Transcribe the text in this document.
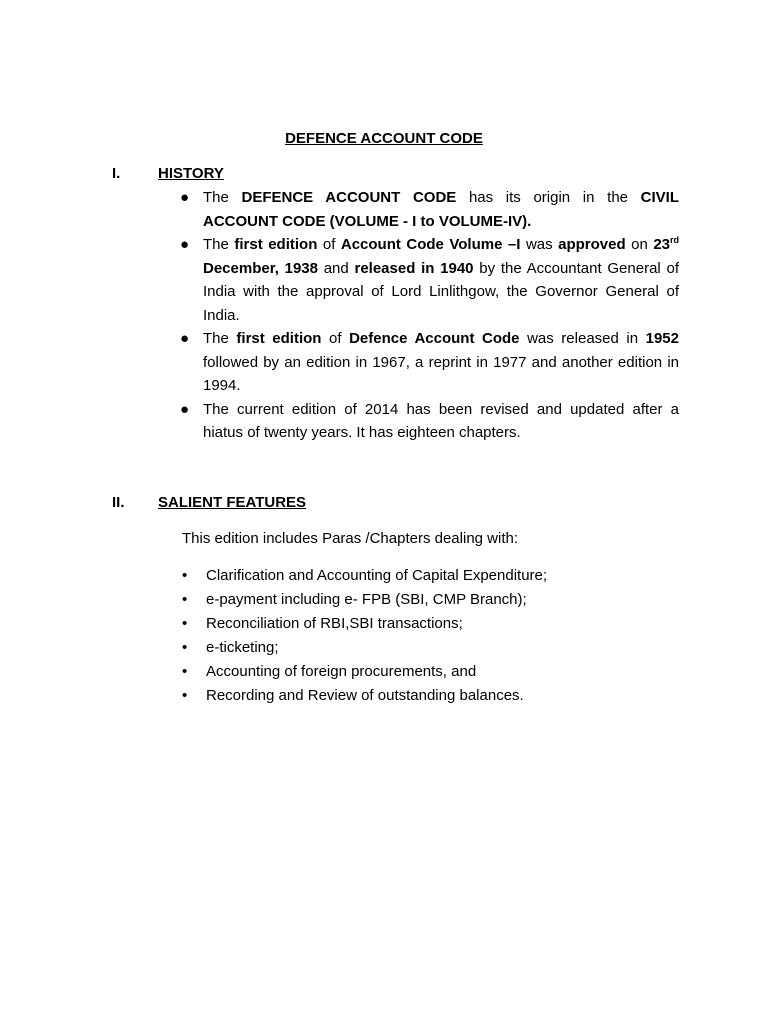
DEFENCE ACCOUNT CODE
I.	HISTORY
● The DEFENCE ACCOUNT CODE has its origin in the CIVIL ACCOUNT CODE (VOLUME - I to VOLUME-IV).
● The first edition of Account Code Volume –I was approved on 23rd December, 1938 and released in 1940 by the Accountant General of India with the approval of Lord Linlithgow, the Governor General of India.
● The first edition of Defence Account Code was released in 1952 followed by an edition in 1967, a reprint in 1977 and another edition in 1994.
● The current edition of 2014 has been revised and updated after a hiatus of twenty years. It has eighteen chapters.
II. SALIENT FEATURES
This edition includes Paras /Chapters dealing with:
• Clarification and Accounting of Capital Expenditure;
• e-payment including e- FPB (SBI, CMP Branch);
• Reconciliation of RBI,SBI transactions;
• e-ticketing;
• Accounting of foreign procurements, and
• Recording and Review of outstanding balances.
